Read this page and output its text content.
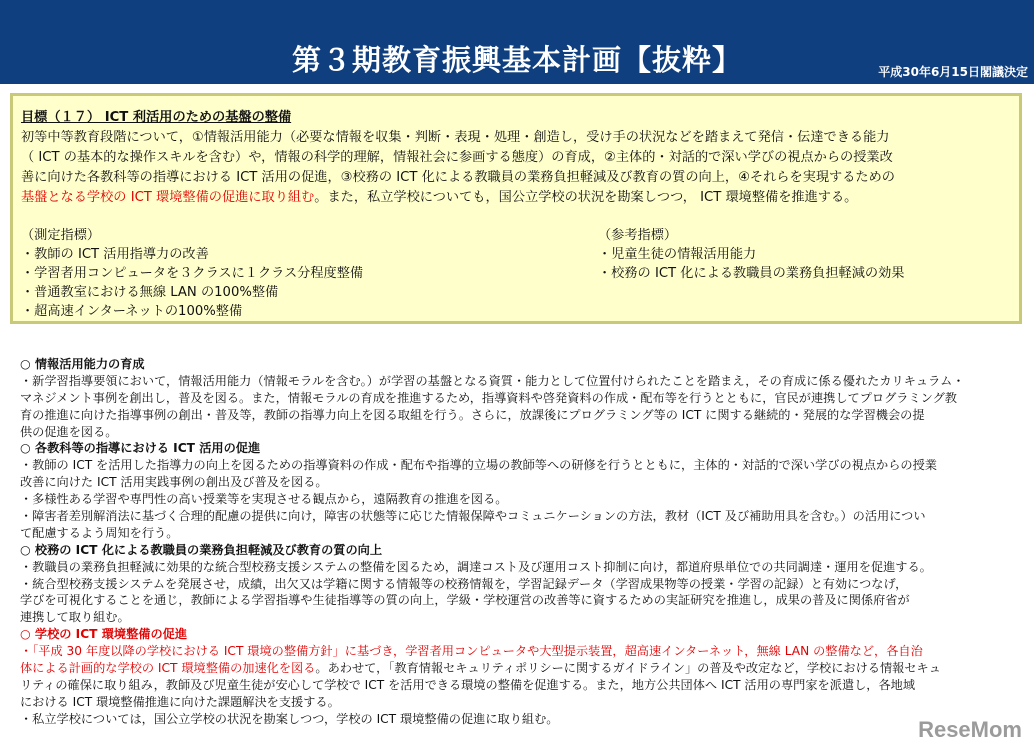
第３期教育振興基本計画【抜粋】	平成30年6月15日閣議決定
目標（１７） ICT 利活用のための基盤の整備
初等中等教育段階について，①情報活用能力（必要な情報を収集・判断・表現・処理・創造し，受け手の状況などを踏まえて発信・伝達できる能力
（ ICT の基本的な操作スキルを含む）や，情報の科学的理解，情報社会に参画する態度）の育成，②主体的・対話的で深い学びの視点からの授業改
善に向けた各教科等の指導における ICT 活用の促進，③校務の ICT 化による教職員の業務負担軽減及び教育の質の向上，④それらを実現するための
基盤となる学校の ICT 環境整備の促進に取り組む。また，私立学校についても，国公立学校の状況を勘案しつつ， ICT 環境整備を推進する。
（測定指標）
・教師の ICT 活用指導力の改善
・学習者用コンピュータを３クラスに１クラス分程度整備
・普通教室における無線 LAN の100%整備
・超高速インターネットの100%整備
（参考指標）
・児童生徒の情報活用能力
・校務の ICT 化による教職員の業務負担軽減の効果
○ 情報活用能力の育成
・新学習指導要領において，情報活用能力（情報モラルを含む。）が学習の基盤となる資質・能力として位置付けられたことを踏まえ，その育成に係る優れたカリキュラム・
マネジメント事例を創出し，普及を図る。また，情報モラルの育成を推進するため，指導資料や啓発資料の作成・配布等を行うとともに，官民が連携してプログラミング教
育の推進に向けた指導事例の創出・普及等，教師の指導力向上を図る取組を行う。さらに，放課後にプログラミング等の ICT に関する継続的・発展的な学習機会の提
供の促進を図る。
○ 各教科等の指導における ICT 活用の促進
・教師の ICT を活用した指導力の向上を図るための指導資料の作成・配布や指導的立場の教師等への研修を行うとともに，主体的・対話的で深い学びの視点からの授業
改善に向けた ICT 活用実践事例の創出及び普及を図る。
・多様性ある学習や専門性の高い授業等を実現させる観点から，遠隔教育の推進を図る。
・障害者差別解消法に基づく合理的配慮の提供に向け，障害の状態等に応じた情報保障やコミュニケーションの方法，教材（ICT 及び補助用具を含む。）の活用につい
て配慮するよう周知を行う。
○ 校務の ICT 化による教職員の業務負担軽減及び教育の質の向上
・教職員の業務負担軽減に効果的な統合型校務支援システムの整備を図るため，調達コスト及び運用コスト抑制に向け，都道府県単位での共同調達・運用を促進する。
・統合型校務支援システムを発展させ，成績，出欠又は学籍に関する情報等の校務情報を，学習記録データ（学習成果物等の授業・学習の記録）と有効につなげ，
学びを可視化することを通じ，教師による学習指導や生徒指導等の質の向上，学級・学校運営の改善等に資するための実証研究を推進し，成果の普及に関係府省が
連携して取り組む。
○ 学校の ICT 環境整備の促進
・「平成 30 年度以降の学校における ICT 環境の整備方針」に基づき，学習者用コンピュータや大型提示装置，超高速インターネット，無線 LAN の整備など，各自治
体による計画的な学校の ICT 環境整備の加速化を図る。あわせて，「教育情報セキュリティポリシーに関するガイドライン」の普及や改定など，学校における情報セキュ
リティの確保に取り組み，教師及び児童生徒が安心して学校で ICT を活用できる環境の整備を促進する。また，地方公共団体へ ICT 活用の専門家を派遣し，各地域
における ICT 環境整備推進に向けた課題解決を支援する。
・私立学校については，国公立学校の状況を勘案しつつ，学校の ICT 環境整備の促進に取り組む。	ReseMom
